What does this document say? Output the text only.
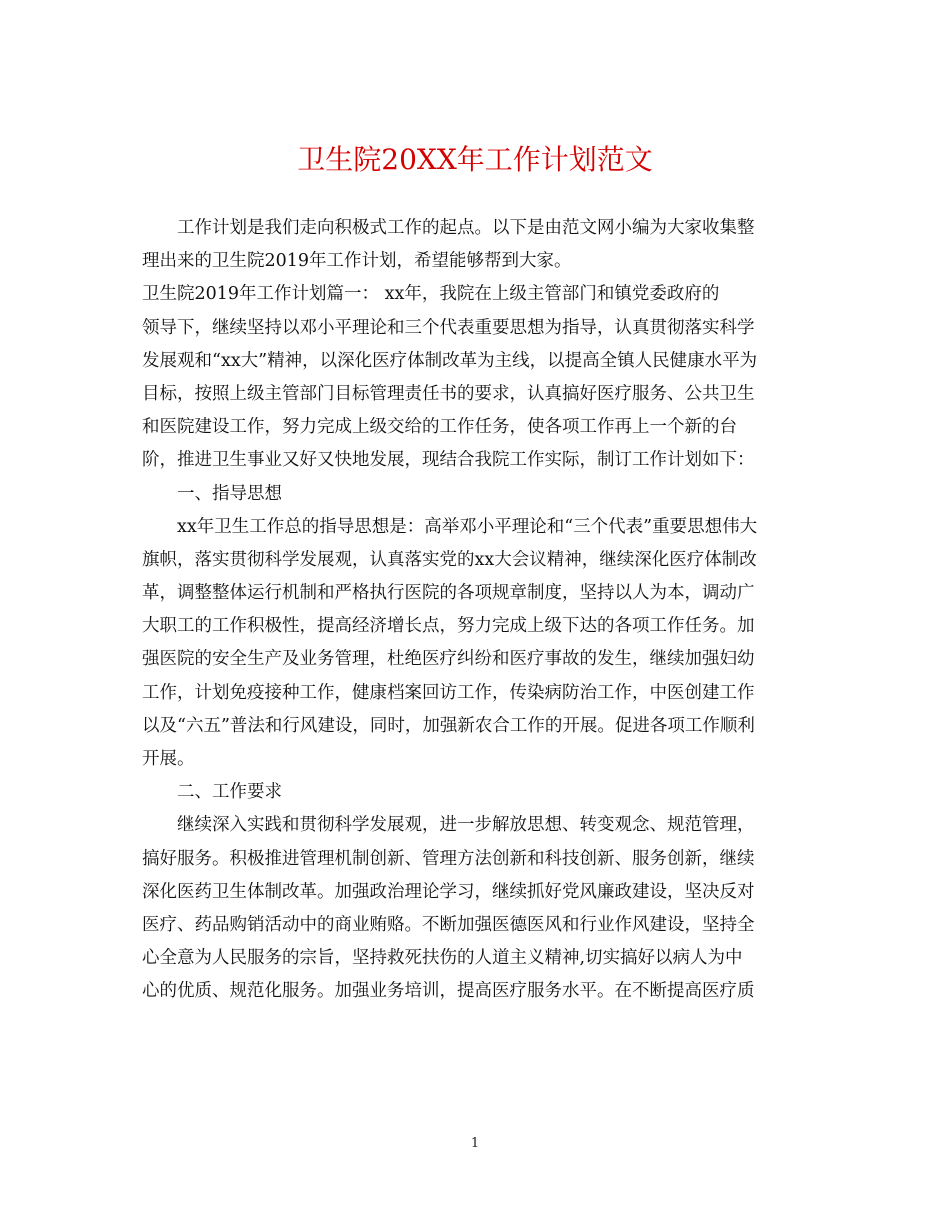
卫生院20XX年工作计划范文
工作计划是我们走向积极式工作的起点。以下是由范文网小编为大家收集整
理出来的卫生院2019年工作计划，希望能够帮到大家。
卫生院2019年工作计划篇一： xx年，我院在上级主管部门和镇党委政府的
领导下，继续坚持以邓小平理论和三个代表重要思想为指导，认真贯彻落实科学
发展观和“xx大”精神，以深化医疗体制改革为主线，以提高全镇人民健康水平为
目标，按照上级主管部门目标管理责任书的要求，认真搞好医疗服务、公共卫生
和医院建设工作，努力完成上级交给的工作任务，使各项工作再上一个新的台
阶，推进卫生事业又好又快地发展，现结合我院工作实际，制订工作计划如下：
一、指导思想
xx年卫生工作总的指导思想是：高举邓小平理论和“三个代表”重要思想伟大
旗帜，落实贯彻科学发展观，认真落实党的xx大会议精神，继续深化医疗体制改
革，调整整体运行机制和严格执行医院的各项规章制度，坚持以人为本，调动广
大职工的工作积极性，提高经济增长点，努力完成上级下达的各项工作任务。加
强医院的安全生产及业务管理，杜绝医疗纠纷和医疗事故的发生，继续加强妇幼
工作，计划免疫接种工作，健康档案回访工作，传染病防治工作，中医创建工作
以及“六五”普法和行风建设，同时，加强新农合工作的开展。促进各项工作顺利
开展。
二、工作要求
继续深入实践和贯彻科学发展观，进一步解放思想、转变观念、规范管理，
搞好服务。积极推进管理机制创新、管理方法创新和科技创新、服务创新，继续
深化医药卫生体制改革。加强政治理论学习，继续抓好党风廉政建设，坚决反对
医疗、药品购销活动中的商业贿赂。不断加强医德医风和行业作风建设，坚持全
心全意为人民服务的宗旨，坚持救死扶伤的人道主义精神,切实搞好以病人为中
心的优质、规范化服务。加强业务培训，提高医疗服务水平。在不断提高医疗质
1
